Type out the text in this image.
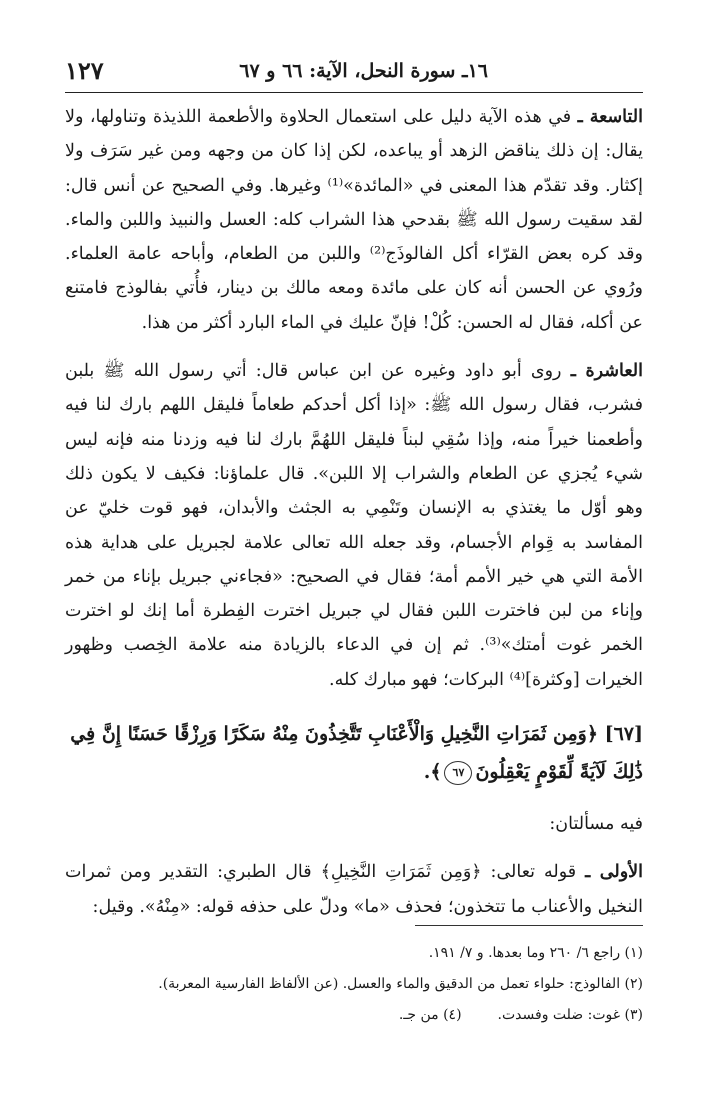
١٦ـ سورة النحل، الآية: ٦٦ و ٦٧
١٢٧

التاسعة ـ في هذه الآية دليل على استعمال الحلاوة والأطعمة اللذيذة وتناولها، ولا يقال: إن ذلك يناقض الزهد أو يباعده، لكن إذا كان من وجهه ومن غير سَرَف ولا إكثار. وقد تقدّم هذا المعنى في «المائدة»⁽¹⁾ وغيرها. وفي الصحيح عن أنس قال: لقد سقيت رسول الله ﷺ بقدحي هذا الشراب كله: العسل والنبيذ واللبن والماء. وقد كره بعض القرّاء أكل الفالوذَج⁽²⁾ واللبن من الطعام، وأباحه عامة العلماء. ورُوي عن الحسن أنه كان على مائدة ومعه مالك بن دينار، فأُتي بفالوذج فامتنع عن أكله، فقال له الحسن: كُلْ! فإنّ عليك في الماء البارد أكثر من هذا.

العاشرة ـ روى أبو داود وغيره عن ابن عباس قال: أتي رسول الله ﷺ بلبن فشرب، فقال رسول الله ﷺ: «إذا أكل أحدكم طعاماً فليقل اللهم بارك لنا فيه وأطعمنا خيراً منه، وإذا سُقِي لبناً فليقل اللهُمَّ بارك لنا فيه وزدنا منه فإنه ليس شيء يُجزي عن الطعام والشراب إلا اللبن». قال علماؤنا: فكيف لا يكون ذلك وهو أوّل ما يغتذي به الإنسان وتَنْمِي به الجثث والأبدان، فهو قوت خليّ عن المفاسد به قِوام الأجسام، وقد جعله الله تعالى علامة لجبريل على هداية هذه الأمة التي هي خير الأمم أمة؛ فقال في الصحيح: «فجاءني جبريل بإناء من خمر وإناء من لبن فاخترت اللبن فقال لي جبريل اخترت الفِطرة أما إنك لو اخترت الخمر غوت أمتك»⁽³⁾. ثم إن في الدعاء بالزيادة منه علامة الخِصب وظهور الخيرات [وكثرة]⁽⁴⁾ البركات؛ فهو مبارك كله.

[٦٧] ﴿وَمِن ثَمَرَاتِ النَّخِيلِ وَالْأَعْنَابِ تَتَّخِذُونَ مِنْهُ سَكَرًا وَرِزْقًا حَسَنًا إِنَّ فِي ذَٰلِكَ لَآيَةً لِّقَوْمٍ يَعْقِلُونَ٦٧﴾.

فيه مسألتان:

الأولى ـ قوله تعالى: ﴿وَمِن ثَمَرَاتِ النَّخِيلِ﴾ قال الطبري: التقدير ومن ثمرات النخيل والأعناب ما تتخذون؛ فحذف «ما» ودلّ على حذفه قوله: «مِنْهُ». وقيل:

(١) راجع ٦/ ٢٦٠ وما بعدها. و ٧/ ١٩١.

(٢) الفالوذج: حلواء تعمل من الدقيق والماء والعسل. (عن الألفاظ الفارسية المعربة).

(٣) غوت: ضلت وفسدت.(٤) من جـ.
